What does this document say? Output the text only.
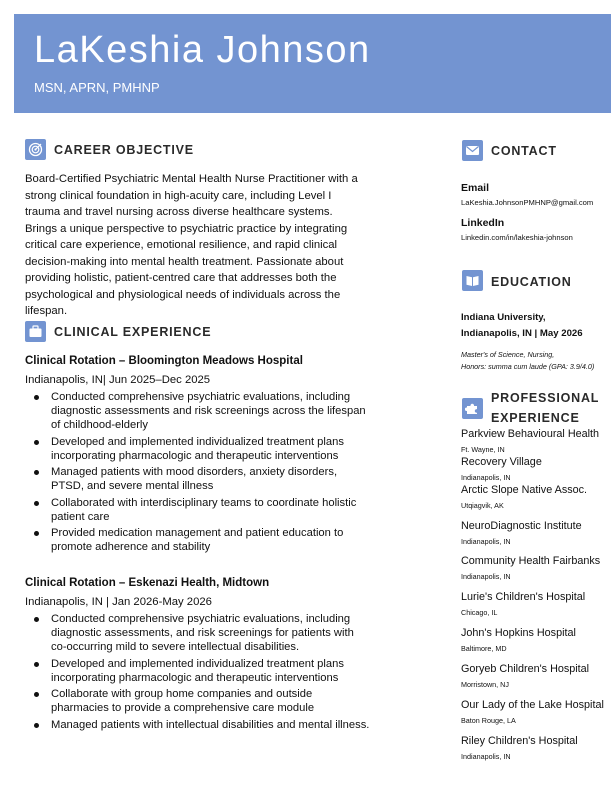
LaKeshia Johnson
MSN, APRN, PMHNP
CAREER OBJECTIVE
Board-Certified Psychiatric Mental Health Nurse Practitioner with a strong clinical foundation in high-acuity care, including Level I trauma and travel nursing across diverse healthcare systems. Brings a unique perspective to psychiatric practice by integrating critical care experience, emotional resilience, and rapid clinical decision-making into mental health treatment. Passionate about providing holistic, patient-centred care that addresses both the psychological and physiological needs of individuals across the lifespan.
CLINICAL EXPERIENCE
Clinical Rotation – Bloomington Meadows Hospital
Indianapolis, IN| Jun 2025–Dec 2025
Conducted comprehensive psychiatric evaluations, including diagnostic assessments and risk screenings across the lifespan of childhood-elderly
Developed and implemented individualized treatment plans incorporating pharmacologic and therapeutic interventions
Managed patients with mood disorders, anxiety disorders, PTSD, and severe mental illness
Collaborated with interdisciplinary teams to coordinate holistic patient care
Provided medication management and patient education to promote adherence and stability
Clinical Rotation – Eskenazi Health, Midtown
Indianapolis, IN | Jan 2026-May 2026
Conducted comprehensive psychiatric evaluations, including diagnostic assessments, and risk screenings for patients with co-occurring mild to severe intellectual disabilities.
Developed and implemented individualized treatment plans incorporating pharmacologic and therapeutic interventions
Collaborate with group home companies and outside pharmacies to provide a comprehensive care module
Managed patients with intellectual disabilities and mental illness.
CONTACT
Email
LaKeshia.JohnsonPMHNP@gmail.com
LinkedIn
Linkedin.com/in/lakeshia-johnson
EDUCATION
Indiana University,
Indianapolis, IN | May 2026
Master's of Science, Nursing,
Honors: summa cum laude (GPA: 3.9/4.0)
PROFESSIONAL
EXPERIENCE
Parkview Behavioural Health
Ft. Wayne, IN
Recovery Village
Indianapolis, IN
Arctic Slope Native Assoc.
Utqiagvik, AK
NeuroDiagnostic Institute
Indianapolis, IN
Community Health Fairbanks
Indianapolis, IN
Lurie's Children's Hospital
Chicago, IL
John's Hopkins Hospital
Baltimore, MD
Goryeb Children's Hospital
Morristown, NJ
Our Lady of the Lake Hospital
Baton Rouge, LA
Riley Children's Hospital
Indianapolis, IN
